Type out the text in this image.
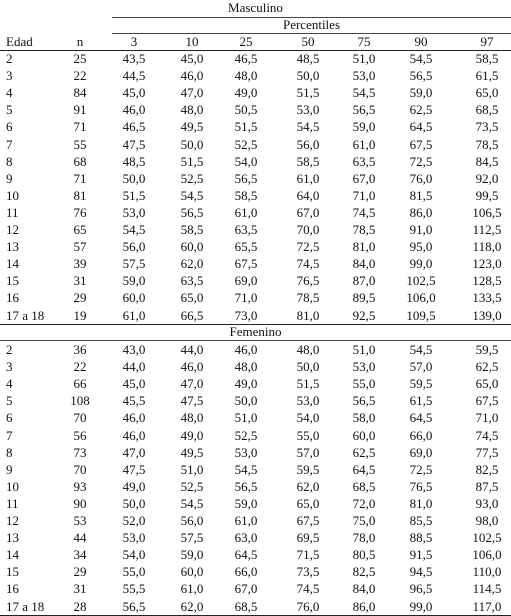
Masculino
Percentiles
Edad	n	3	10	25	50	75	90	97
2	25	43,5	45,0	46,5	48,5	51,0	54,5	58,5
3	22	44,5	46,0	48,0	50,0	53,0	56,5	61,5
4	84	45,0	47,0	49,0	51,5	54,5	59,0	65,0
5	91	46,0	48,0	50,5	53,0	56,5	62,5	68,5
6	71	46,5	49,5	51,5	54,5	59,0	64,5	73,5
7	55	47,5	50,0	52,5	56,0	61,0	67,5	78,5
8	68	48,5	51,5	54,0	58,5	63,5	72,5	84,5
9	71	50,0	52,5	56,5	61,0	67,0	76,0	92,0
10	81	51,5	54,5	58,5	64,0	71,0	81,5	99,5
11	76	53,0	56,5	61,0	67,0	74,5	86,0	106,5
12	65	54,5	58,5	63,5	70,0	78,5	91,0	112,5
13	57	56,0	60,0	65,5	72,5	81,0	95,0	118,0
14	39	57,5	62,0	67,5	74,5	84,0	99,0	123,0
15	31	59,0	63,5	69,0	76,5	87,0	102,5	128,5
16	29	60,0	65,0	71,0	78,5	89,5	106,0	133,5
17 a 18	19	61,0	66,5	73,0	81,0	92,5	109,5	139,0
Femenino
2	36	43,0	44,0	46,0	48,0	51,0	54,5	59,5
3	22	44,0	46,0	48,0	50,0	53,0	57,0	62,5
4	66	45,0	47,0	49,0	51,5	55,0	59,5	65,0
5	108	45,5	47,5	50,0	53,0	56,5	61,5	67,5
6	70	46,0	48,0	51,0	54,0	58,0	64,5	71,0
7	56	46,0	49,0	52,5	55,0	60,0	66,0	74,5
8	73	47,0	49,5	53,0	57,0	62,5	69,0	77,5
9	70	47,5	51,0	54,5	59,5	64,5	72,5	82,5
10	93	49,0	52,5	56,5	62,0	68,5	76,5	87,5
11	90	50,0	54,5	59,0	65,0	72,0	81,0	93,0
12	53	52,0	56,0	61,0	67,5	75,0	85,5	98,0
13	44	53,0	57,5	63,0	69,5	78,0	88,5	102,5
14	34	54,0	59,0	64,5	71,5	80,5	91,5	106,0
15	29	55,0	60,0	66,0	73,5	82,5	94,5	110,0
16	31	55,5	61,0	67,0	74,5	84,0	96,5	114,5
17 a 18	28	56,5	62,0	68,5	76,0	86,0	99,0	117,0
